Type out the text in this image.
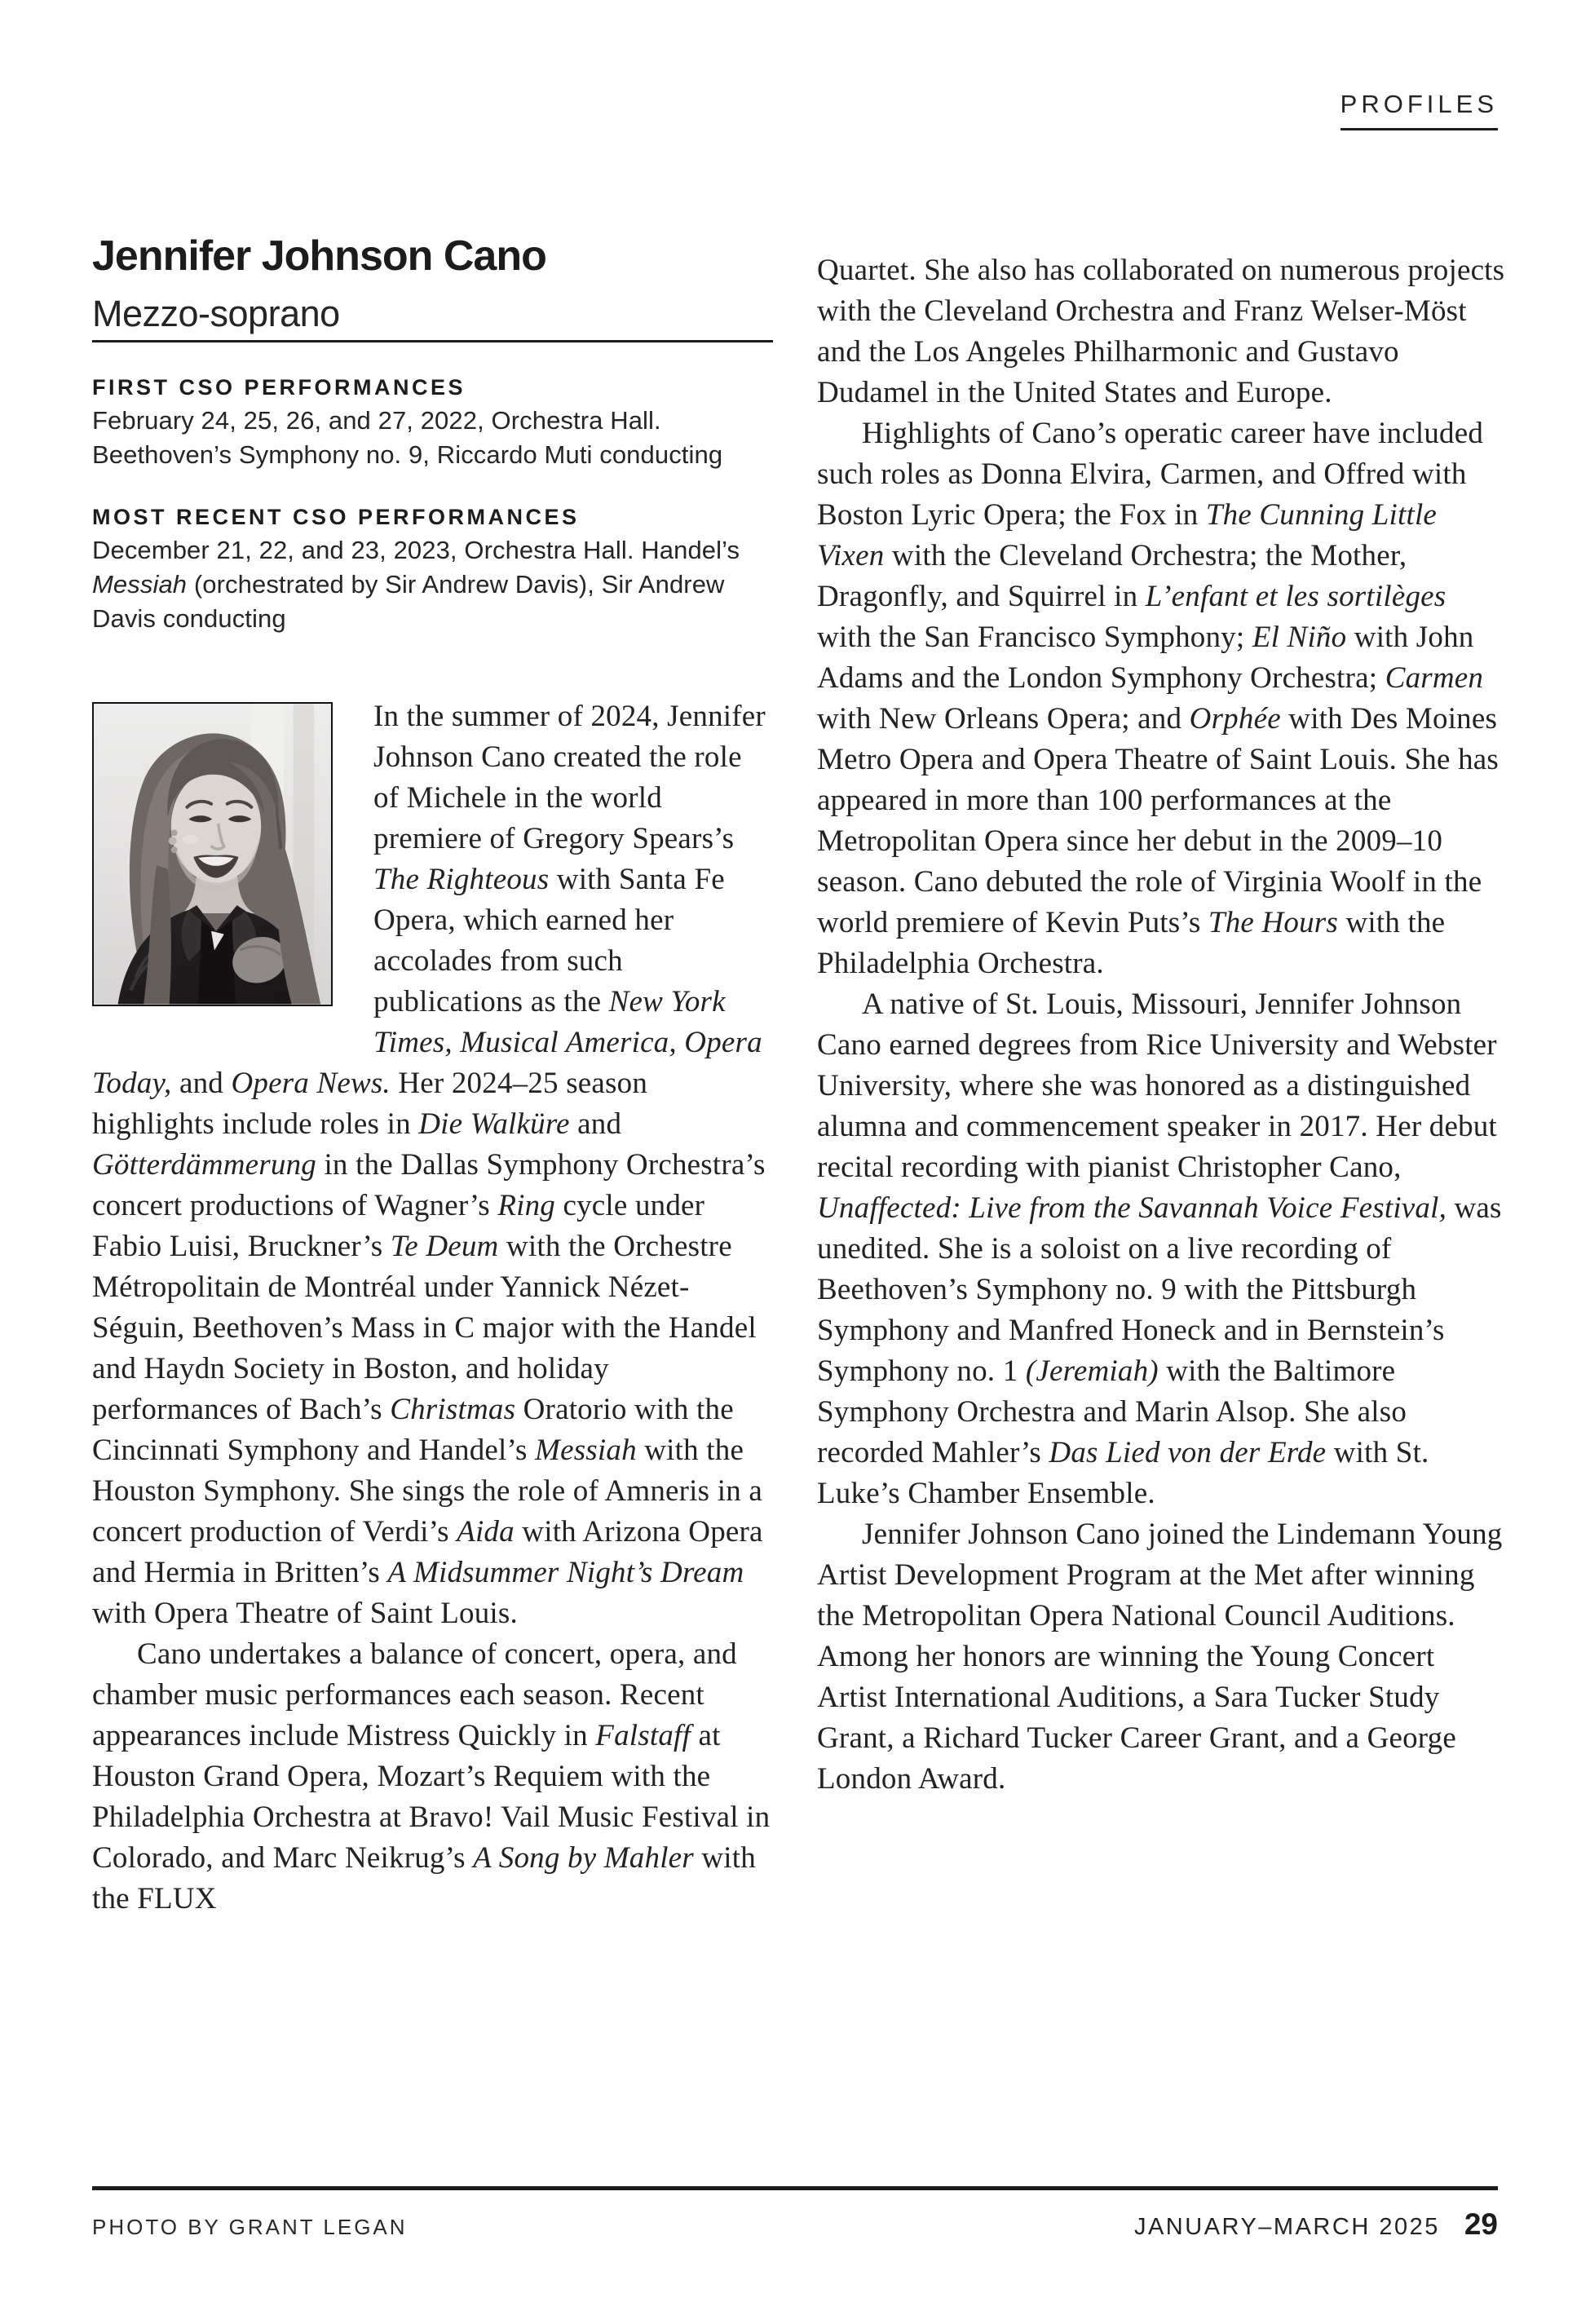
PROFILES
Jennifer Johnson Cano
Mezzo-soprano
FIRST CSO PERFORMANCES
February 24, 25, 26, and 27, 2022, Orchestra Hall. Beethoven’s Symphony no. 9, Riccardo Muti conducting
MOST RECENT CSO PERFORMANCES
December 21, 22, and 23, 2023, Orchestra Hall. Handel’s Messiah (orchestrated by Sir Andrew Davis), Sir Andrew Davis conducting

In the summer of 2024, Jennifer Johnson Cano created the role of Michele in the world premiere of Gregory Spears’s The Righteous with Santa Fe Opera, which earned her accolades from such publications as the New York Times, Musical America, Opera Today, and Opera News. Her 2024–25 season highlights include roles in Die Walküre and Götterdämmerung in the Dallas Symphony Orchestra’s concert productions of Wagner’s Ring cycle under Fabio Luisi, Bruckner’s Te Deum with the Orchestre Métropolitain de Montréal under Yannick Nézet-Séguin, Beethoven’s Mass in C major with the Handel and Haydn Society in Boston, and holiday performances of Bach’s Christmas Oratorio with the Cincinnati Symphony and Handel’s Messiah with the Houston Symphony. She sings the role of Amneris in a concert production of Verdi’s Aida with Arizona Opera and Hermia in Britten’s A Midsummer Night’s Dream with Opera Theatre of Saint Louis.

Cano undertakes a balance of concert, opera, and chamber music performances each season. Recent appearances include Mistress Quickly in Falstaff at Houston Grand Opera, Mozart’s Requiem with the Philadelphia Orchestra at Bravo! Vail Music Festival in Colorado, and Marc Neikrug’s A Song by Mahler with the FLUX

Quartet. She also has collaborated on numerous projects with the Cleveland Orchestra and Franz Welser-Möst and the Los Angeles Philharmonic and Gustavo Dudamel in the United States and Europe.

Highlights of Cano’s operatic career have included such roles as Donna Elvira, Carmen, and Offred with Boston Lyric Opera; the Fox in The Cunning Little Vixen with the Cleveland Orchestra; the Mother, Dragonfly, and Squirrel in L’enfant et les sortilèges with the San Francisco Symphony; El Niño with John Adams and the London Symphony Orchestra; Carmen with New Orleans Opera; and Orphée with Des Moines Metro Opera and Opera Theatre of Saint Louis. She has appeared in more than 100 performances at the Metropolitan Opera since her debut in the 2009–10 season. Cano debuted the role of Virginia Woolf in the world premiere of Kevin Puts’s The Hours with the Philadelphia Orchestra.

A native of St. Louis, Missouri, Jennifer Johnson Cano earned degrees from Rice University and Webster University, where she was honored as a distinguished alumna and commencement speaker in 2017. Her debut recital recording with pianist Christopher Cano, Unaffected: Live from the Savannah Voice Festival, was unedited. She is a soloist on a live recording of Beethoven’s Symphony no. 9 with the Pittsburgh Symphony and Manfred Honeck and in Bernstein’s Symphony no. 1 (Jeremiah) with the Baltimore Symphony Orchestra and Marin Alsop. She also recorded Mahler’s Das Lied von der Erde with St. Luke’s Chamber Ensemble.

Jennifer Johnson Cano joined the Lindemann Young Artist Development Program at the Met after winning the Metropolitan Opera National Council Auditions. Among her honors are winning the Young Concert Artist International Auditions, a Sara Tucker Study Grant, a Richard Tucker Career Grant, and a George London Award.

PHOTO BY GRANT LEGAN	JANUARY–MARCH 2025 29
